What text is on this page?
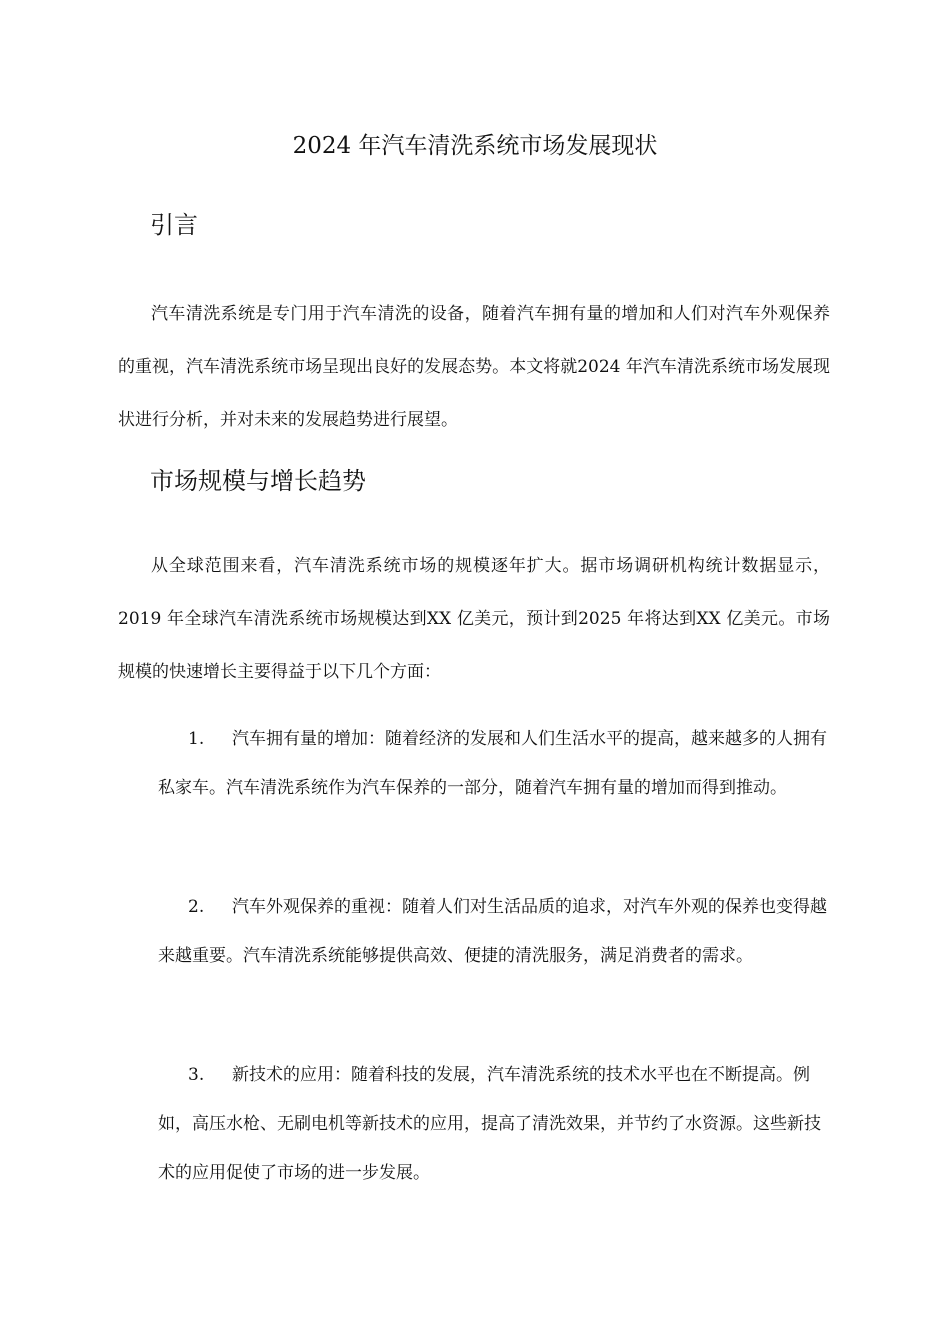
2024 年汽车清洗系统市场发展现状
引言

汽车清洗系统是专门用于汽车清洗的设备，随着汽车拥有量的增加和人们对汽车外观保养的重视，汽车清洗系统市场呈现出良好的发展态势。本文将就2024 年汽车清洗系统市场发展现状进行分析，并对未来的发展趋势进行展望。

市场规模与增长趋势

从全球范围来看，汽车清洗系统市场的规模逐年扩大。据市场调研机构统计数据显示，2019 年全球汽车清洗系统市场规模达到XX 亿美元，预计到2025 年将达到XX 亿美元。市场规模的快速增长主要得益于以下几个方面：

1. 汽车拥有量的增加：随着经济的发展和人们生活水平的提高，越来越多的人拥有私家车。汽车清洗系统作为汽车保养的一部分，随着汽车拥有量的增加而得到推动。

2. 汽车外观保养的重视：随着人们对生活品质的追求，对汽车外观的保养也变得越来越重要。汽车清洗系统能够提供高效、便捷的清洗服务，满足消费者的需求。

3. 新技术的应用：随着科技的发展，汽车清洗系统的技术水平也在不断提高。例如，高压水枪、无刷电机等新技术的应用，提高了清洗效果，并节约了水资源。这些新技术的应用促使了市场的进一步发展。
